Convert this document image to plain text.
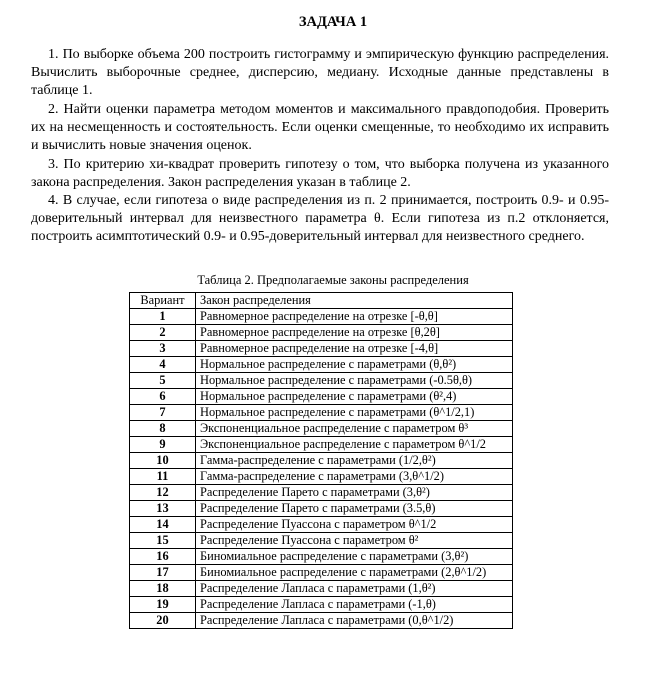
ЗАДАЧА 1
1. По выборке объема 200 построить гистограмму и эмпирическую функцию распределения. Вычислить выборочные среднее, дисперсию, медиану. Исходные данные представлены в таблице 1.
2. Найти оценки параметра методом моментов и максимального правдоподобия. Проверить их на несмещенность и состоятельность. Если оценки смещенные, то необходимо их исправить и вычислить новые значения оценок.
3. По критерию хи-квадрат проверить гипотезу о том, что выборка получена из указанного закона распределения. Закон распределения указан в таблице 2.
4. В случае, если гипотеза о виде распределения из п. 2 принимается, построить 0.9- и 0.95-доверительный интервал для неизвестного параметра θ. Если гипотеза из п.2 отклоняется, построить асимптотический 0.9- и 0.95-доверительный интервал для неизвестного среднего.
Таблица 2. Предполагаемые законы распределения
Вариант	Закон распределения
1	Равномерное распределение на отрезке [-θ,θ]
2	Равномерное распределение на отрезке [θ,2θ]
3	Равномерное распределение на отрезке [-4,θ]
4	Нормальное распределение с параметрами (θ,θ²)
5	Нормальное распределение с параметрами (-0.5θ,θ)
6	Нормальное распределение с параметрами (θ²,4)
7	Нормальное распределение с параметрами (θ^1/2,1)
8	Экспоненциальное распределение с параметром θ³
9	Экспоненциальное распределение с параметром θ^1/2
10	Гамма-распределение с параметрами (1/2,θ²)
11	Гамма-распределение с параметрами (3,θ^1/2)
12	Распределение Парето с параметрами (3,θ²)
13	Распределение Парето с параметрами (3.5,θ)
14	Распределение Пуассона с параметром θ^1/2
15	Распределение Пуассона с параметром θ²
16	Биномиальное распределение с параметрами (3,θ²)
17	Биномиальное распределение с параметрами (2,θ^1/2)
18	Распределение Лапласа с параметрами (1,θ²)
19	Распределение Лапласа с параметрами (-1,θ)
20	Распределение Лапласа с параметрами (0,θ^1/2)
